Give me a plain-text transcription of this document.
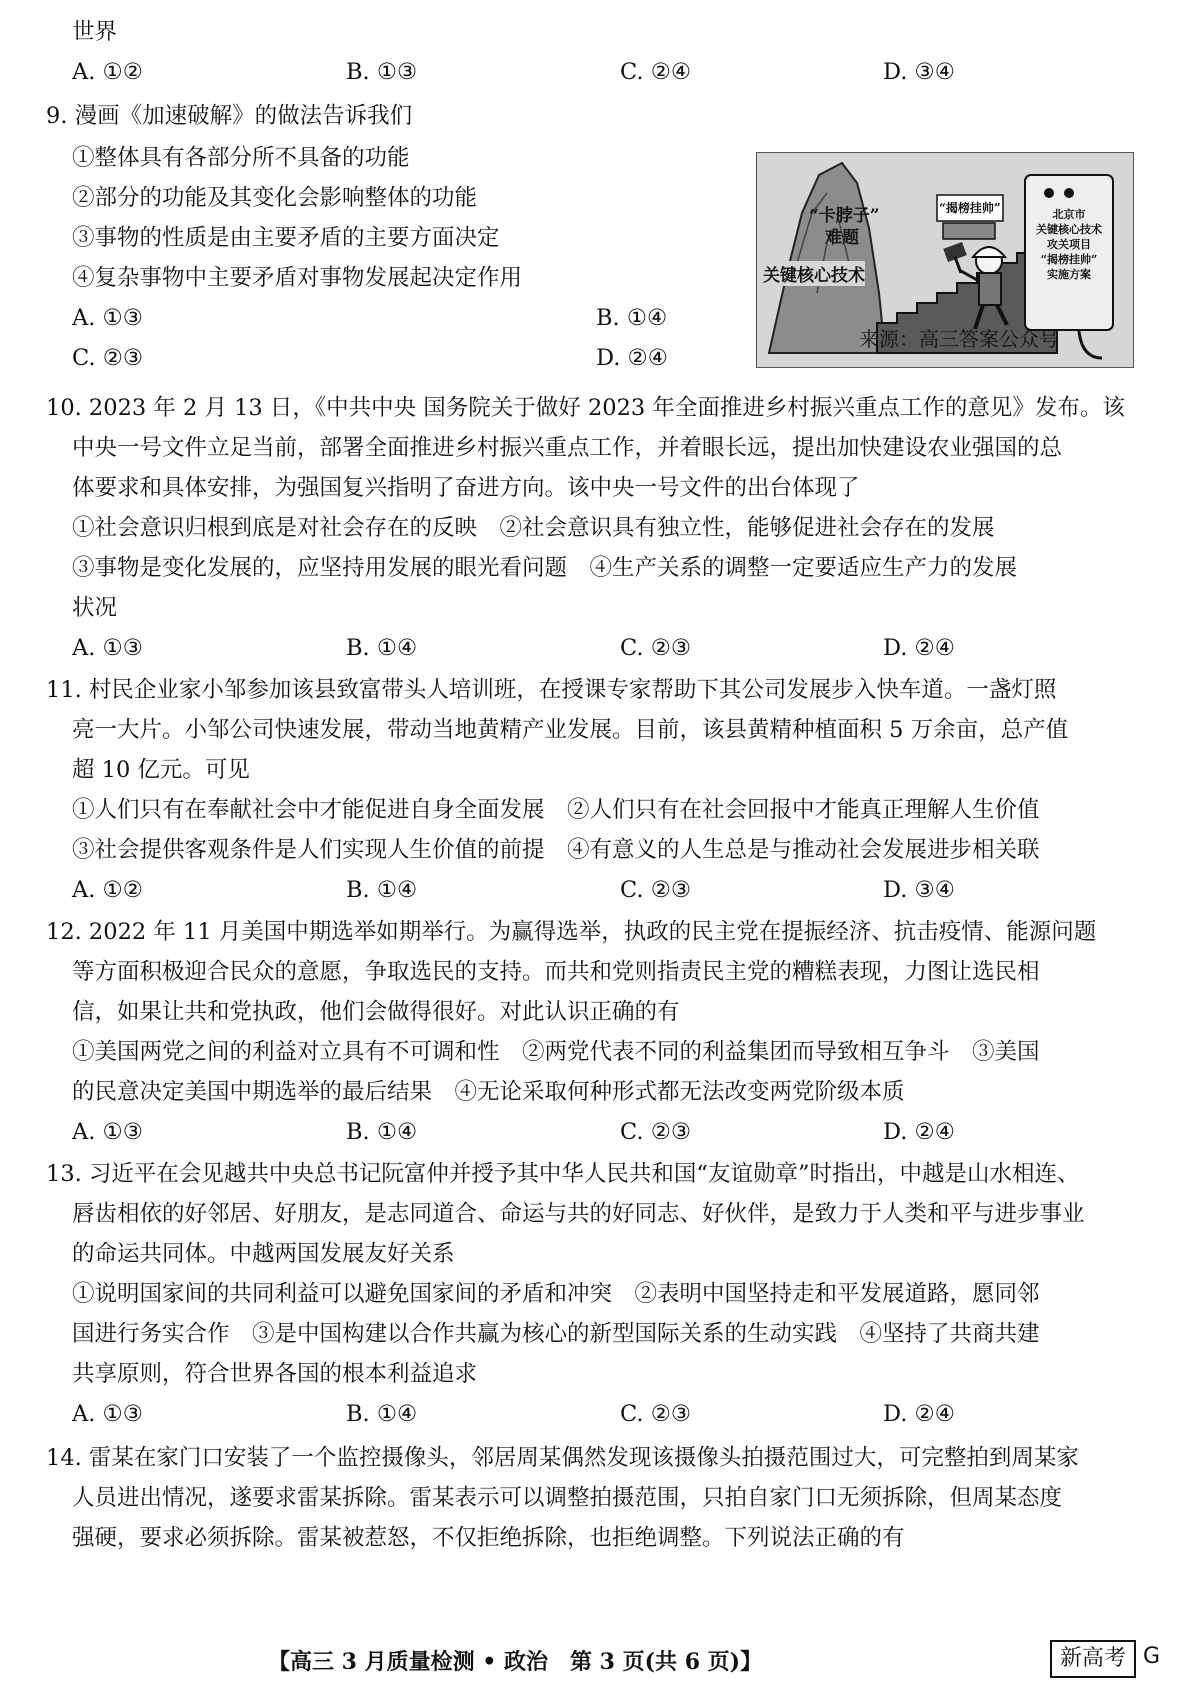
世界
A. ①②	B. ①③	C. ②④	D. ③④
9. 漫画《加速破解》的做法告诉我们
①整体具有各部分所不具备的功能
②部分的功能及其变化会影响整体的功能
③事物的性质是由主要矛盾的主要方面决定
④复杂事物中主要矛盾对事物发展起决定作用
A. ①③	B. ①④
C. ②③	D. ②④
“卡脖子”
难题
关键核心技术
“揭榜挂帅”	北京市
关键核心技术
攻关项目
“揭榜挂帅”
实施方案
来源：高三答案公众号
10. 2023 年 2 月 13 日，《中共中央 国务院关于做好 2023 年全面推进乡村振兴重点工作的意见》发布。该
中央一号文件立足当前，部署全面推进乡村振兴重点工作，并着眼长远，提出加快建设农业强国的总
体要求和具体安排，为强国复兴指明了奋进方向。该中央一号文件的出台体现了
①社会意识归根到底是对社会存在的反映　②社会意识具有独立性，能够促进社会存在的发展
③事物是变化发展的，应坚持用发展的眼光看问题　④生产关系的调整一定要适应生产力的发展
状况
A. ①③	B. ①④	C. ②③	D. ②④
11. 村民企业家小邹参加该县致富带头人培训班，在授课专家帮助下其公司发展步入快车道。一盏灯照
亮一大片。小邹公司快速发展，带动当地黄精产业发展。目前，该县黄精种植面积 5 万余亩，总产值
超 10 亿元。可见
①人们只有在奉献社会中才能促进自身全面发展　②人们只有在社会回报中才能真正理解人生价值
③社会提供客观条件是人们实现人生价值的前提　④有意义的人生总是与推动社会发展进步相关联
A. ①②	B. ①④	C. ②③	D. ③④
12. 2022 年 11 月美国中期选举如期举行。为赢得选举，执政的民主党在提振经济、抗击疫情、能源问题
等方面积极迎合民众的意愿，争取选民的支持。而共和党则指责民主党的糟糕表现，力图让选民相
信，如果让共和党执政，他们会做得很好。对此认识正确的有
①美国两党之间的利益对立具有不可调和性　②两党代表不同的利益集团而导致相互争斗　③美国
的民意决定美国中期选举的最后结果　④无论采取何种形式都无法改变两党阶级本质
A. ①③	B. ①④	C. ②③	D. ②④
13. 习近平在会见越共中央总书记阮富仲并授予其中华人民共和国“友谊勋章”时指出，中越是山水相连、
唇齿相依的好邻居、好朋友，是志同道合、命运与共的好同志、好伙伴，是致力于人类和平与进步事业
的命运共同体。中越两国发展友好关系
①说明国家间的共同利益可以避免国家间的矛盾和冲突　②表明中国坚持走和平发展道路，愿同邻
国进行务实合作　③是中国构建以合作共赢为核心的新型国际关系的生动实践　④坚持了共商共建
共享原则，符合世界各国的根本利益追求
A. ①③	B. ①④	C. ②③	D. ②④
14. 雷某在家门口安装了一个监控摄像头，邻居周某偶然发现该摄像头拍摄范围过大，可完整拍到周某家
人员进出情况，遂要求雷某拆除。雷某表示可以调整拍摄范围，只拍自家门口无须拆除，但周某态度
强硬，要求必须拆除。雷某被惹怒，不仅拒绝拆除，也拒绝调整。下列说法正确的有
【高三 3 月质量检测 • 政治　第 3 页(共 6 页)】	新高考 G
